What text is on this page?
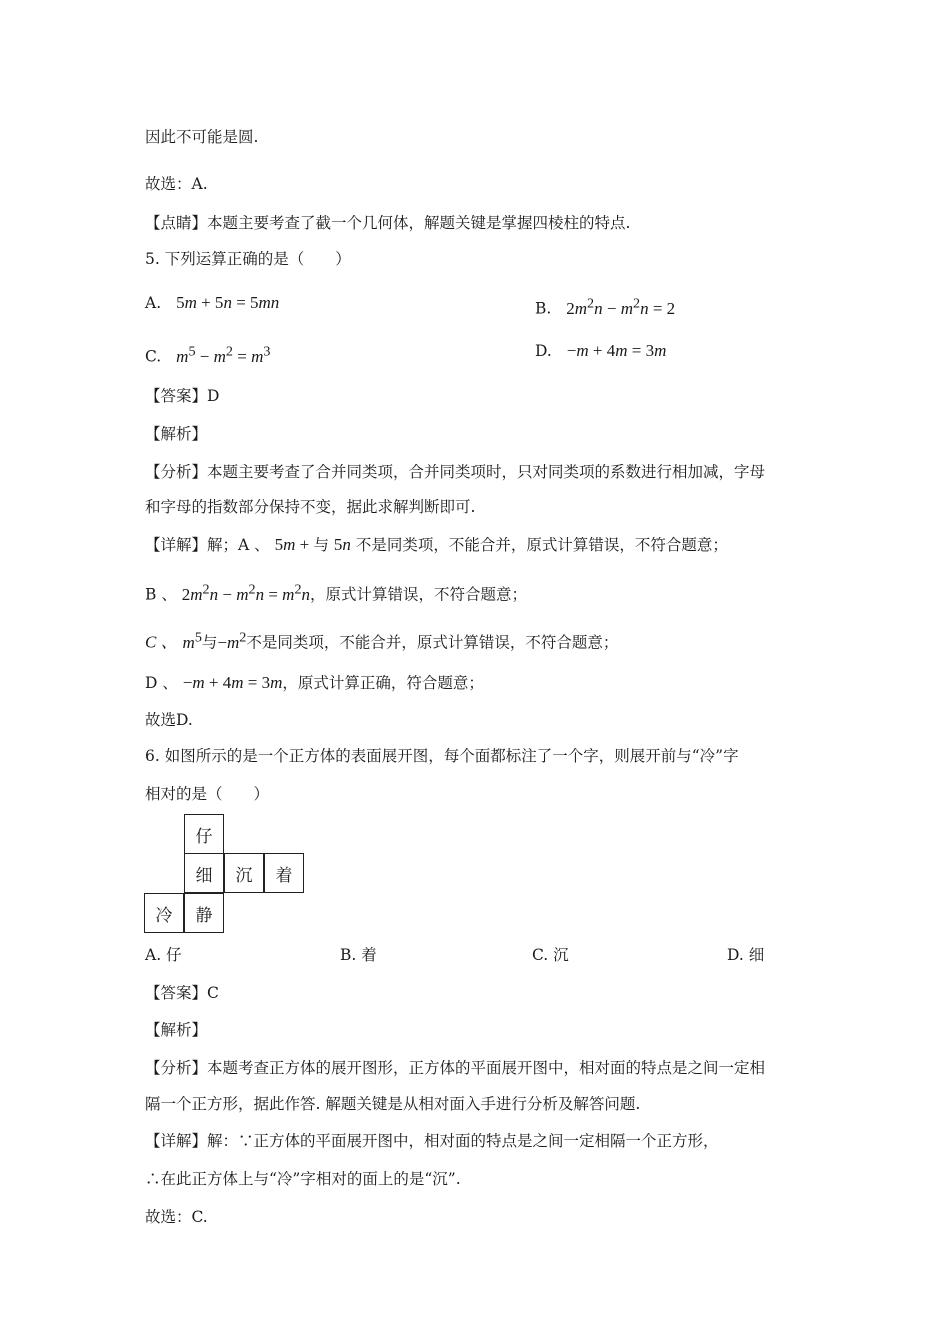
因此不可能是圆.
故选：A.
【点睛】本题主要考查了截一个几何体，解题关键是掌握四棱柱的特点.
5. 下列运算正确的是（　　）
A. 5m + 5n = 5mn	B. $2m^2n - m^2n = 2$
C. $m^5 - m^2 = m^3$	D. −m + 4m = 3m
【答案】D
【解析】
【分析】本题主要考查了合并同类项，合并同类项时，只对同类项的系数进行相加减，字母
和字母的指数部分保持不变，据此求解判断即可.
【详解】解；A 、 5m + 与 5n 不是同类项，不能合并，原式计算错误，不符合题意；
B 、 $2m^2n - m^2n = m^2n$，原式计算错误，不符合题意；
C 、 $m^5$与$-m^2$不是同类项，不能合并，原式计算错误，不符合题意；
D 、 −m + 4m = 3m，原式计算正确，符合题意；
故选D.
6. 如图所示的是一个正方体的表面展开图，每个面都标注了一个字，则展开前与“冷”字
相对的是（　　）
仔
细	沉	着
冷	静
A. 仔	B. 着	C. 沉	D. 细
【答案】C
【解析】
【分析】本题考查正方体的展开图形，正方体的平面展开图中，相对面的特点是之间一定相
隔一个正方形，据此作答. 解题关键是从相对面入手进行分析及解答问题.
【详解】解：∵正方体的平面展开图中，相对面的特点是之间一定相隔一个正方形，
∴在此正方体上与“冷”字相对的面上的是“沉”.
故选：C.
